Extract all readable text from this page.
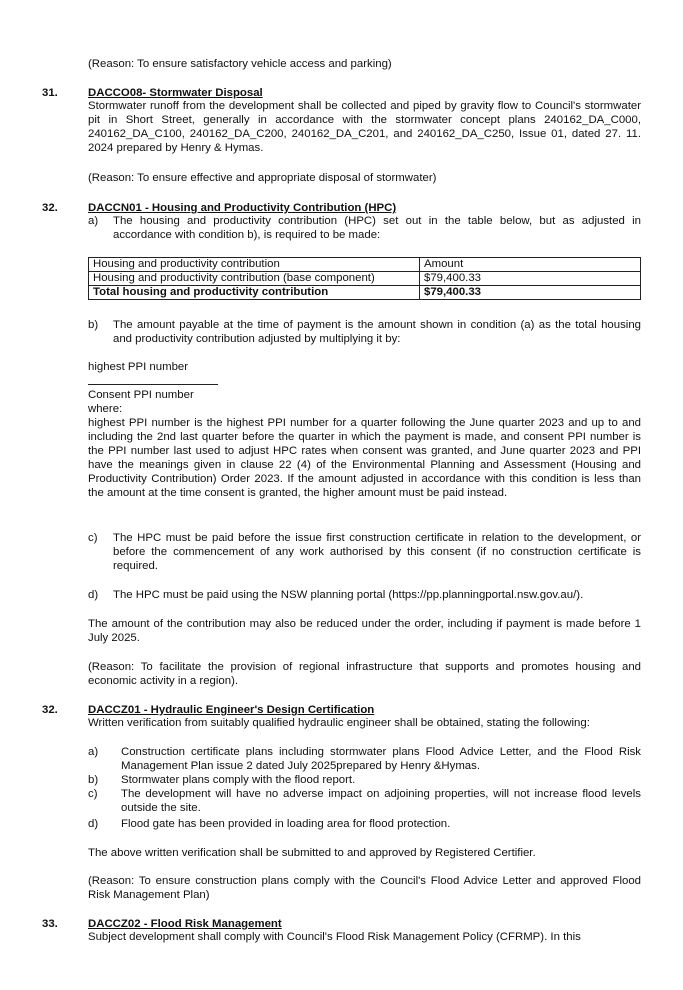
(Reason: To ensure satisfactory vehicle access and parking)

31.	DACCO08- Stormwater Disposal

Stormwater runoff from the development shall be collected and piped by gravity flow to Council's stormwater pit in Short Street, generally in accordance with the stormwater concept plans 240162_DA_C000, 240162_DA_C100, 240162_DA_C200, 240162_DA_C201, and 240162_DA_C250, Issue 01, dated 27. 11. 2024 prepared by Henry & Hymas.

(Reason: To ensure effective and appropriate disposal of stormwater)

32.	DACCN01 - Housing and Productivity Contribution (HPC)
a) The housing and productivity contribution (HPC) set out in the table below, but as adjusted in accordance with condition b), is required to be made:
Housing and productivity contribution	Amount
Housing and productivity contribution (base component)	$79,400.33
Total housing and productivity contribution	$79,400.33
b) The amount payable at the time of payment is the amount shown in condition (a) as the total housing and productivity contribution adjusted by multiplying it by:

highest PPI number

Consent PPI number

where:

highest PPI number is the highest PPI number for a quarter following the June quarter 2023 and up to and including the 2nd last quarter before the quarter in which the payment is made, and consent PPI number is the PPI number last used to adjust HPC rates when consent was granted, and June quarter 2023 and PPI have the meanings given in clause 22 (4) of the Environmental Planning and Assessment (Housing and Productivity Contribution) Order 2023. If the amount adjusted in accordance with this condition is less than the amount at the time consent is granted, the higher amount must be paid instead.

c) The HPC must be paid before the issue first construction certificate in relation to the development, or before the commencement of any work authorised by this consent (if no construction certificate is required.
d) The HPC must be paid using the NSW planning portal (https://pp.planningportal.nsw.gov.au/).

The amount of the contribution may also be reduced under the order, including if payment is made before 1 July 2025.

(Reason: To facilitate the provision of regional infrastructure that supports and promotes housing and economic activity in a region).

32.	DACCZ01 - Hydraulic Engineer's Design Certification

Written verification from suitably qualified hydraulic engineer shall be obtained, stating the following:

a) Construction certificate plans including stormwater plans Flood Advice Letter, and the Flood Risk Management Plan issue 2 dated July 2025prepared by Henry &Hymas.
b) Stormwater plans comply with the flood report.
c) The development will have no adverse impact on adjoining properties, will not increase flood levels outside the site.
d) Flood gate has been provided in loading area for flood protection.

The above written verification shall be submitted to and approved by Registered Certifier.

(Reason: To ensure construction plans comply with the Council's Flood Advice Letter and approved Flood Risk Management Plan)

33.	DACCZ02 - Flood Risk Management

Subject development shall comply with Council's Flood Risk Management Policy (CFRMP). In this
